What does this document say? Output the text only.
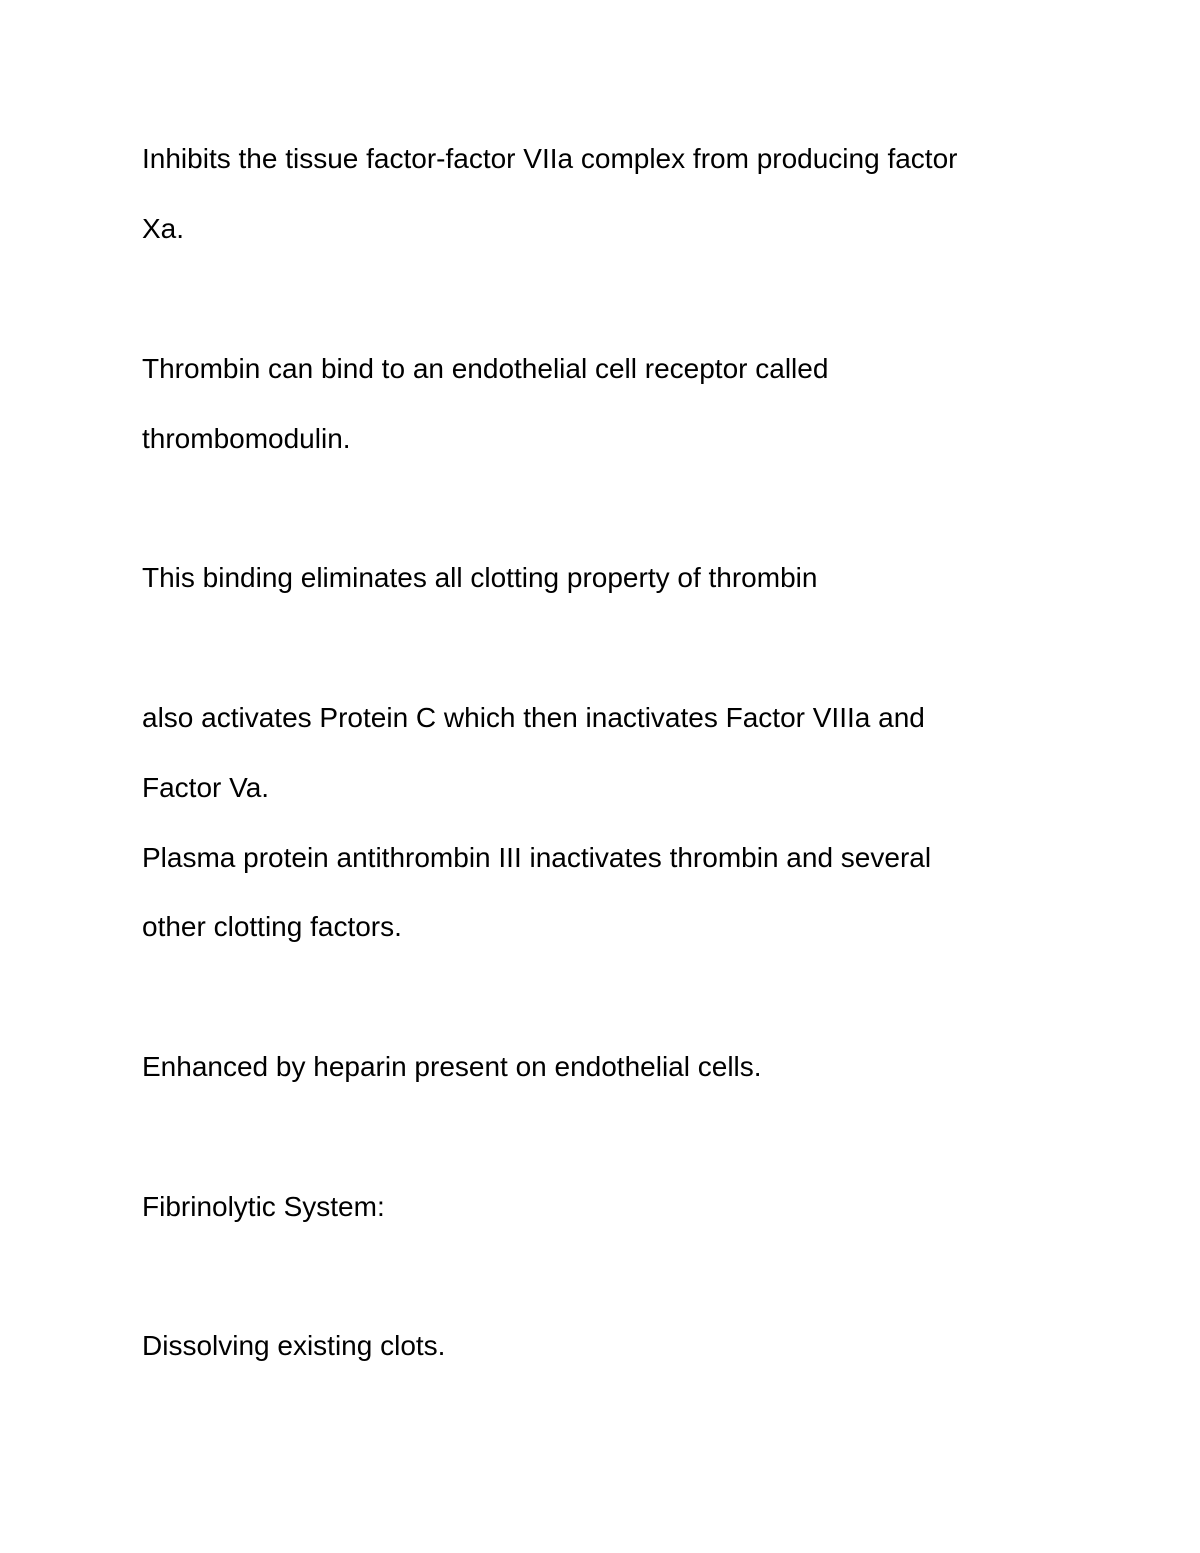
Inhibits the tissue factor-factor VIIa complex from producing factor

Xa.

Thrombin can bind to an endothelial cell receptor called

thrombomodulin.

This binding eliminates all clotting property of thrombin

also activates Protein C which then inactivates Factor VIIIa and

Factor Va.

Plasma protein antithrombin III inactivates thrombin and several

other clotting factors.

Enhanced by heparin present on endothelial cells.

Fibrinolytic System:

Dissolving existing clots.
